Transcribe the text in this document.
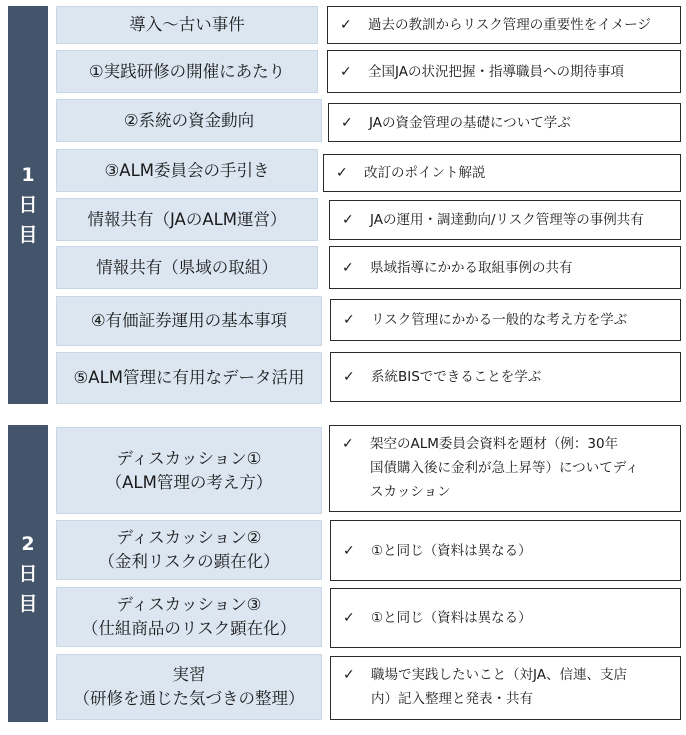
1
日
目
2
日
目
導入～古い事件	✓	過去の教訓からリスク管理の重要性をイメージ
①実践研修の開催にあたり	✓	全国JAの状況把握・指導職員への期待事項
②系統の資金動向	✓	JAの資金管理の基礎について学ぶ
③ALM委員会の手引き	✓	改訂のポイント解説
情報共有（JAのALM運営）	✓	JAの運用・調達動向/リスク管理等の事例共有
情報共有（県域の取組）	✓	県域指導にかかる取組事例の共有
④有価証券運用の基本事項	✓	リスク管理にかかる一般的な考え方を学ぶ
⑤ALM管理に有用なデータ活用	✓	系統BISでできることを学ぶ
ディスカッション①
（ALM管理の考え方）
✓	架空のALM委員会資料を題材（例：30年
国債購入後に金利が急上昇等）についてディ
スカッション
ディスカッション②
（金利リスクの顕在化）
✓	①と同じ（資料は異なる）
ディスカッション③
（仕組商品のリスク顕在化）
✓	①と同じ（資料は異なる）
実習
（研修を通じた気づきの整理）
✓	職場で実践したいこと（対JA、信連、支店
内）記入整理と発表・共有
